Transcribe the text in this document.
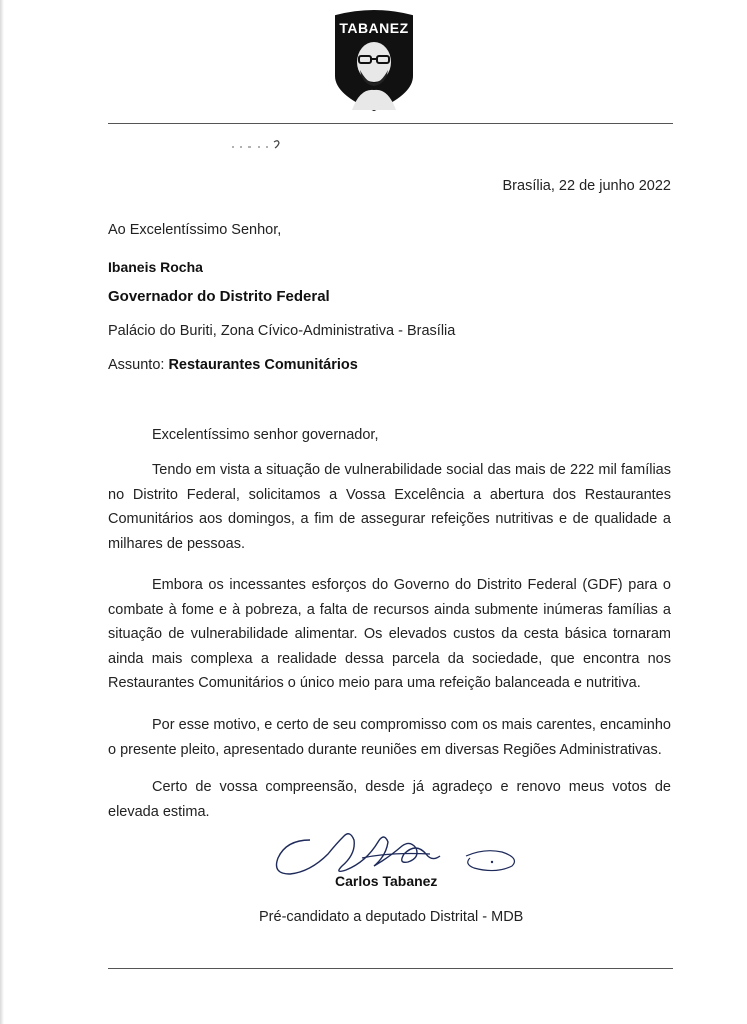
TABANEZ
Brasília, 22 de junho 2022
Ao Excelentíssimo Senhor,
Ibaneis Rocha
Governador do Distrito Federal
Palácio do Buriti, Zona Cívico-Administrativa - Brasília
Assunto: Restaurantes Comunitários
Excelentíssimo senhor governador,

Tendo em vista a situação de vulnerabilidade social das mais de 222 mil famílias no Distrito Federal, solicitamos a Vossa Excelência a abertura dos Restaurantes Comunitários aos domingos, a fim de assegurar refeições nutritivas e de qualidade a milhares de pessoas.

Embora os incessantes esforços do Governo do Distrito Federal (GDF) para o combate à fome e à pobreza, a falta de recursos ainda submente inúmeras famílias a situação de vulnerabilidade alimentar. Os elevados custos da cesta básica tornaram ainda mais complexa a realidade dessa parcela da sociedade, que encontra nos Restaurantes Comunitários o único meio para uma refeição balanceada e nutritiva.

Por esse motivo, e certo de seu compromisso com os mais carentes, encaminho o presente pleito, apresentado durante reuniões em diversas Regiões Administrativas.

Certo de vossa compreensão, desde já agradeço e renovo meus votos de elevada estima.

Carlos Tabanez
Pré-candidato a deputado Distrital - MDB
